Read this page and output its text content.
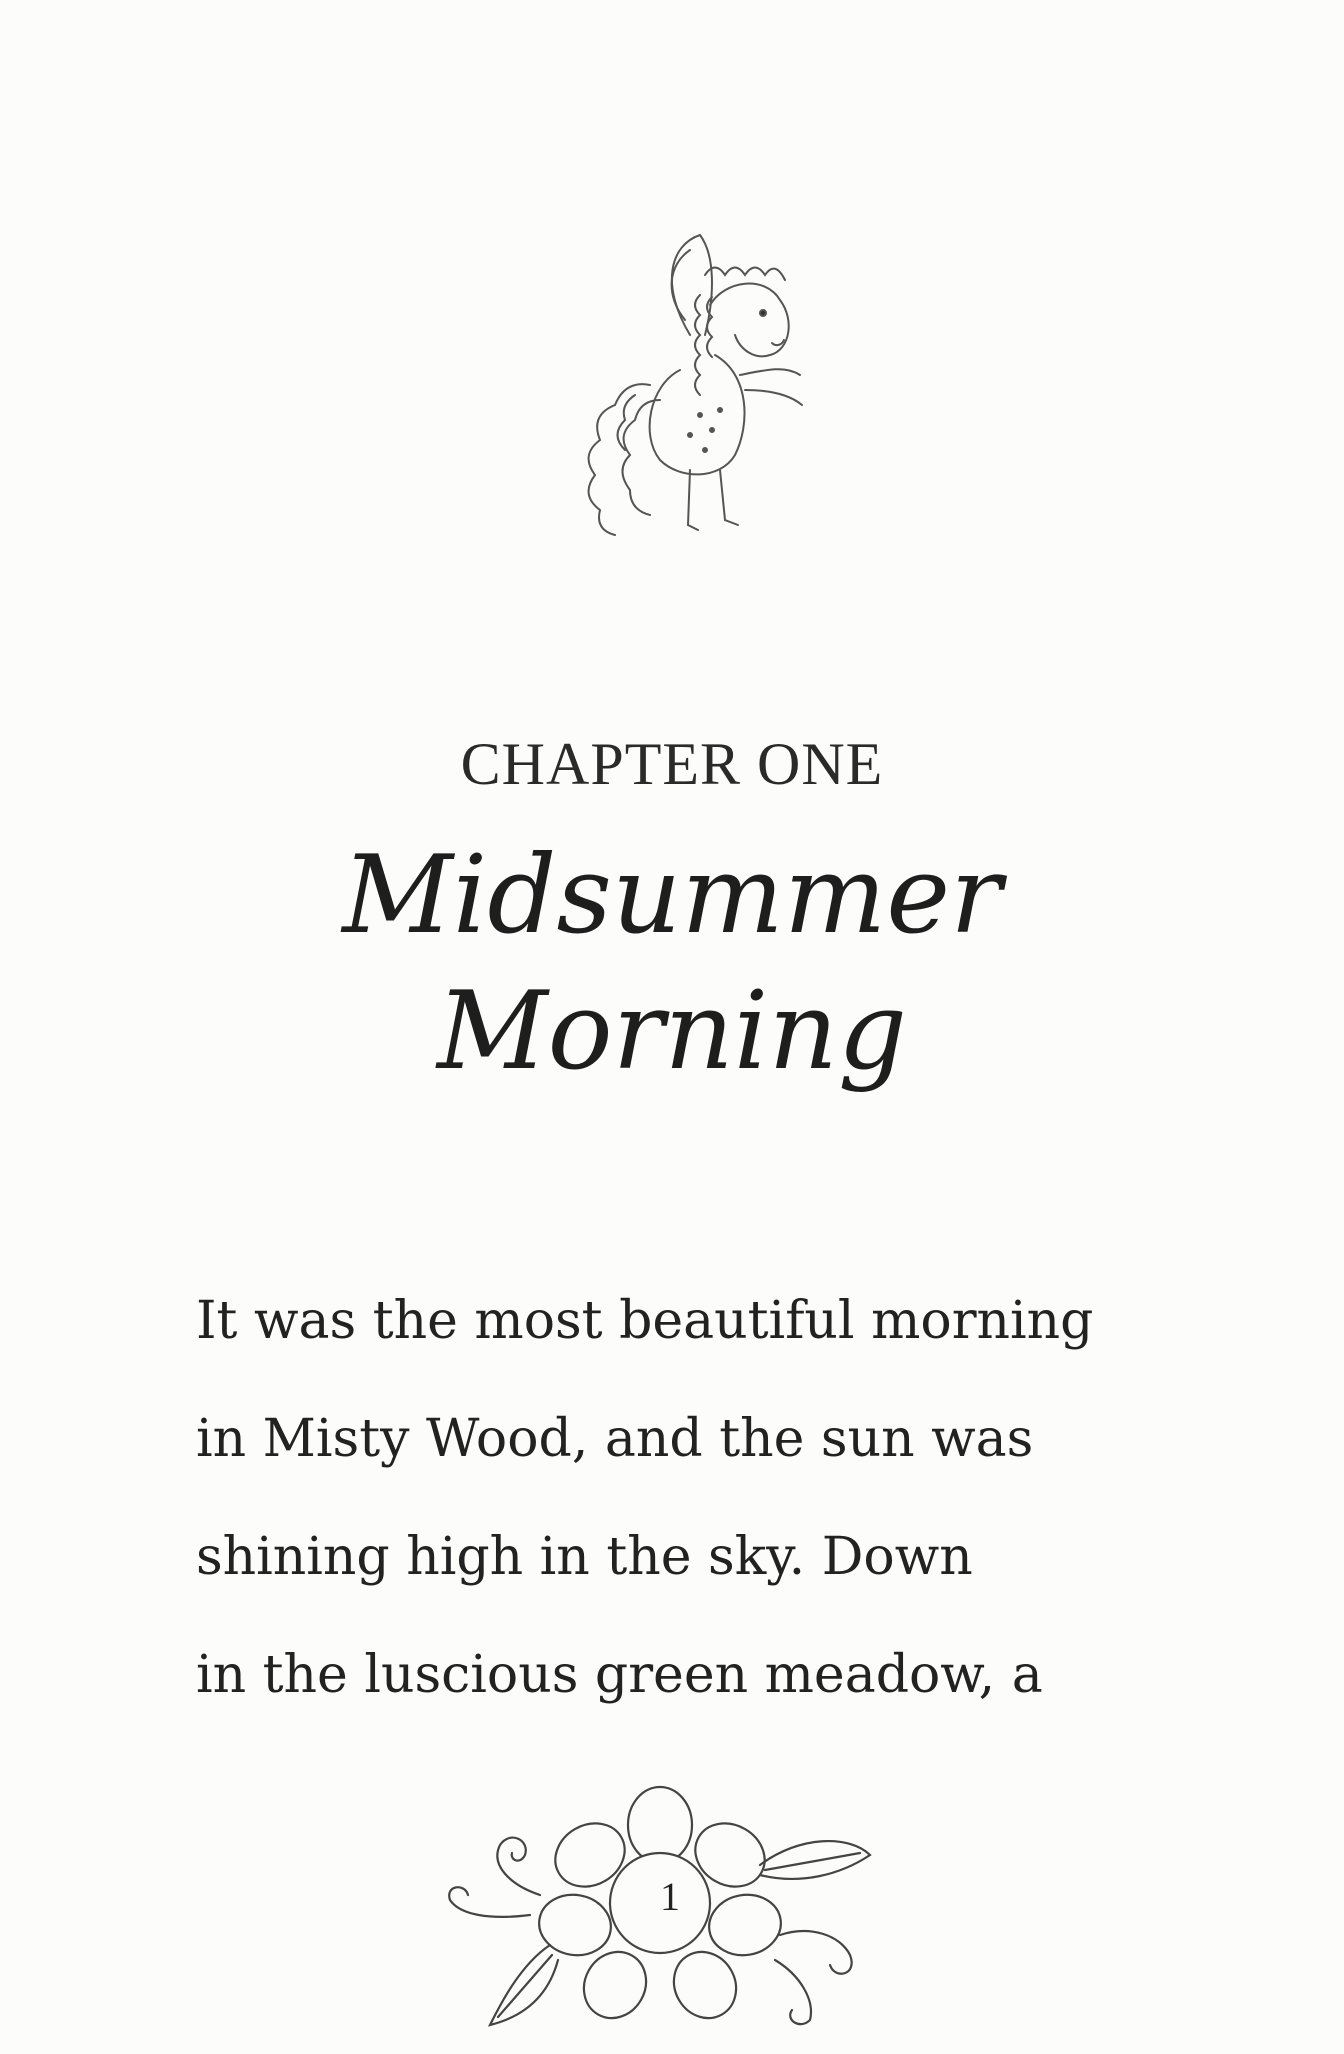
CHAPTER ONE
Midsummer
Morning
It was the most beautiful morning
in Misty Wood, and the sun was
shining high in the sky. Down
in the luscious green meadow, a
1
